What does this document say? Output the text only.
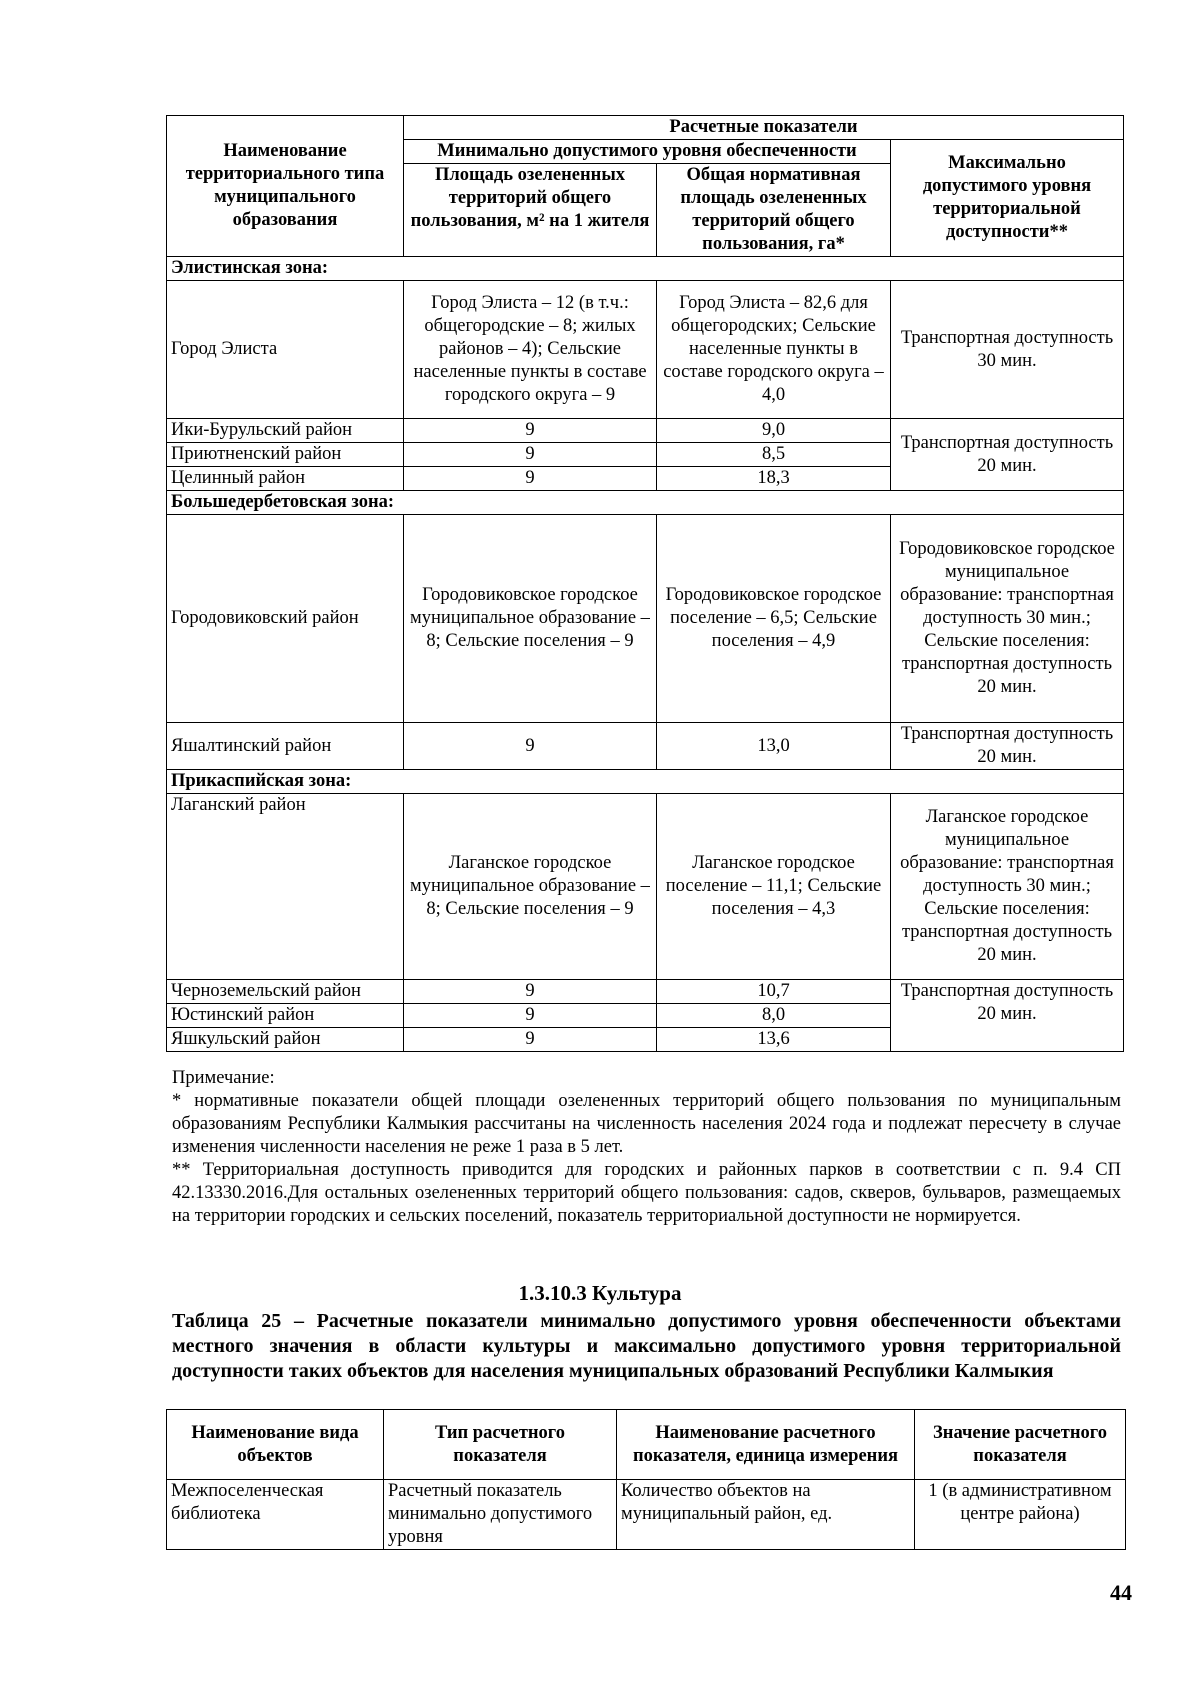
Наименование территориального типа муниципального образования	Расчетные показатели		
	Минимально допустимого уровня обеспеченности		Максимально допустимого уровня территориальной доступности**
	Площадь озелененных территорий общего пользования, м² на 1 жителя	Общая нормативная площадь озелененных территорий общего пользования, га*	
Элистинская зона:			
Город Элиста	Город Элиста – 12 (в т.ч.: общегородские – 8; жилых районов – 4); Сельские населенные пункты в составе городского округа – 9	Город Элиста – 82,6 для общегородских; Сельские населенные пункты в составе городского округа – 4,0	Транспортная доступность 30 мин.
Ики-Бурульский район	9	9,0	Транспортная доступность 20 мин.
Приютненский район	9	8,5	
Целинный район	9	18,3	
Большедербетовская зона:			
Городовиковский район	Городовиковское городское муниципальное образование – 8; Сельские поселения – 9	Городовиковское городское поселение – 6,5; Сельские поселения – 4,9	Городовиковское городское муниципальное образование: транспортная доступность 30 мин.; Сельские поселения: транспортная доступность 20 мин.
Яшалтинский район	9	13,0	Транспортная доступность 20 мин.
Прикаспийская зона:			
Лаганский район	Лаганское городское муниципальное образование – 8; Сельские поселения – 9	Лаганское городское поселение – 11,1; Сельские поселения – 4,3	Лаганское городское муниципальное образование: транспортная доступность 30 мин.; Сельские поселения: транспортная доступность 20 мин.
Черноземельский район	9	10,7	Транспортная доступность 20 мин.
Юстинский район	9	8,0	
Яшкульский район	9	13,6	

Примечание:

* нормативные показатели общей площади озелененных территорий общего пользования по муниципальным образованиям Республики Калмыкия рассчитаны на численность населения 2024 года и подлежат пересчету в случае изменения численности населения не реже 1 раза в 5 лет.

** Территориальная доступность приводится для городских и районных парков в соответствии с п. 9.4 СП 42.13330.2016.Для остальных озелененных территорий общего пользования: садов, скверов, бульваров, размещаемых на территории городских и сельских поселений, показатель территориальной доступности не нормируется.

1.3.10.3 Культура
Таблица 25 – Расчетные показатели минимально допустимого уровня обеспеченности объектами местного значения в области культуры и максимально допустимого уровня территориальной доступности таких объектов для населения муниципальных образований Республики Калмыкия
Наименование вида объектов	Тип расчетного показателя	Наименование расчетного показателя, единица измерения	Значение расчетного показателя
Межпоселенческая библиотека	Расчетный показатель минимально допустимого уровня	Количество объектов на муниципальный район, ед.	1 (в административном центре района)
44
